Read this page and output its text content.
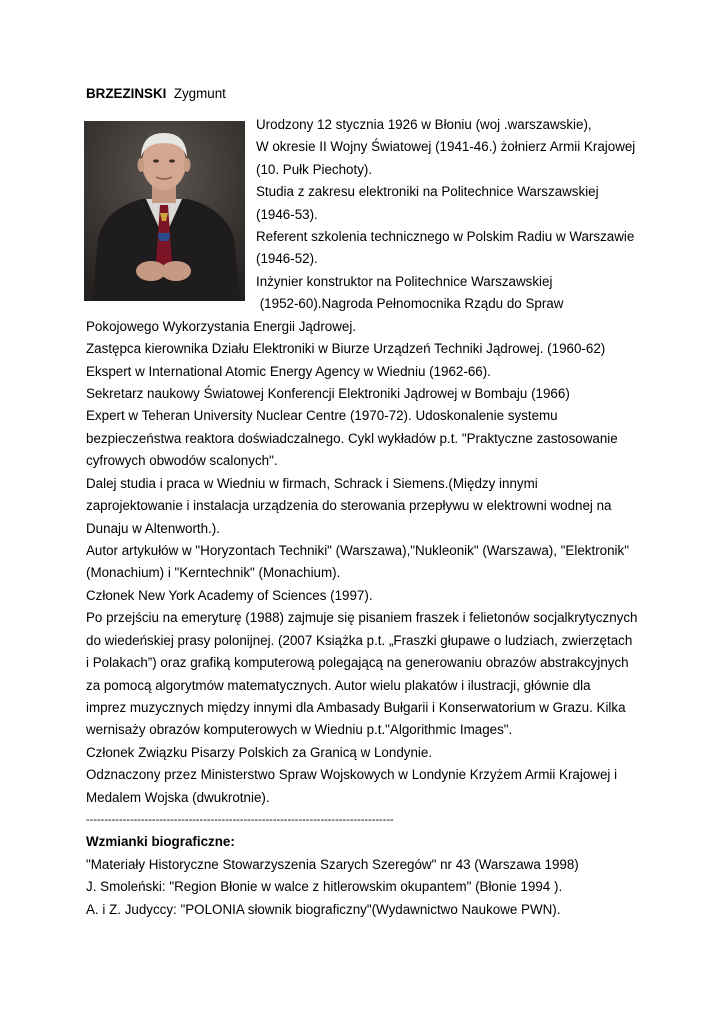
BRZEZINSKI Zygmunt
Urodzony 12 stycznia 1926 w Błoniu (woj .warszawskie),
W okresie II Wojny Światowej (1941-46.) żołnierz Armii Krajowej
(10. Pułk Piechoty).
Studia z zakresu elektroniki na Politechnice Warszawskiej
(1946-53).
Referent szkolenia technicznego w Polskim Radiu w Warszawie
(1946-52).
Inżynier konstruktor na Politechnice Warszawskiej
(1952-60).Nagroda Pełnomocnika Rządu do Spraw
Pokojowego Wykorzystania Energii Jądrowej.
Zastępca kierownika Działu Elektroniki w Biurze Urządzeń Techniki Jądrowej. (1960-62)
Ekspert w International Atomic Energy Agency w Wiedniu (1962-66).
Sekretarz naukowy Światowej Konferencji Elektroniki Jądrowej w Bombaju (1966)
Expert w Teheran University Nuclear Centre (1970-72). Udoskonalenie systemu
bezpieczeństwa reaktora doświadczalnego. Cykl wykładów p.t. "Praktyczne zastosowanie
cyfrowych obwodów scalonych".
Dalej studia i praca w Wiedniu w firmach, Schrack i Siemens.(Między innymi
zaprojektowanie i instalacja urządzenia do sterowania przepływu w elektrowni wodnej na
Dunaju w Altenworth.).
Autor artykułów w "Horyzontach Techniki" (Warszawa),"Nukleonik" (Warszawa), "Elektronik"
(Monachium) i "Kerntechnik" (Monachium).
Członek New York Academy of Sciences (1997).
Po przejściu na emeryturę (1988) zajmuje się pisaniem fraszek i felietonów socjalkrytycznych
do wiedeńskiej prasy polonijnej. (2007 Książka p.t. „Fraszki głupawe o ludziach, zwierzętach
i Polakach”) oraz grafiką komputerową polegającą na generowaniu obrazów abstrakcyjnych
za pomocą algorytmów matematycznych. Autor wielu plakatów i ilustracji, głównie dla
imprez muzycznych między innymi dla Ambasady Bułgarii i Konserwatorium w Grazu. Kilka
wernisaży obrazów komputerowych w Wiedniu p.t."Algorithmic Images".
Członek Związku Pisarzy Polskich za Granicą w Londynie.
Odznaczony przez Ministerstwo Spraw Wojskowych w Londynie Krzyżem Armii Krajowej i
Medalem Wojska (dwukrotnie).
------------------------------------------------------------------------------------
Wzmianki biograficzne:
"Materiały Historyczne Stowarzyszenia Szarych Szeregów" nr 43 (Warszawa 1998)
J. Smoleński: "Region Błonie w walce z hitlerowskim okupantem" (Błonie 1994 ).
A. i Z. Judyccy: "POLONIA słownik biograficzny"(Wydawnictwo Naukowe PWN).
